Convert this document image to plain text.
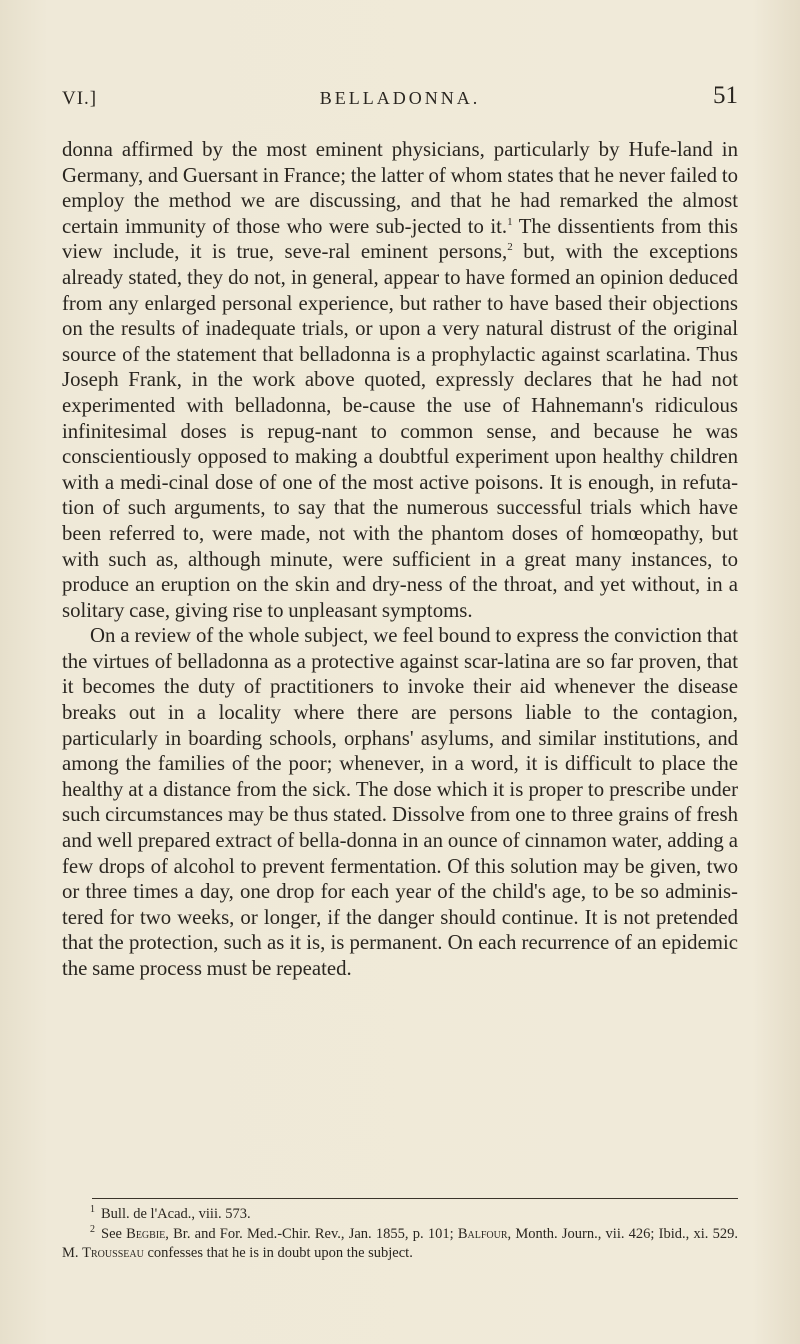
VI.]	BELLADONNA.	51

donna affirmed by the most eminent physicians, particularly by Hufe-land in Germany, and Guersant in France; the latter of whom states that he never failed to employ the method we are discussing, and that he had remarked the almost certain immunity of those who were sub-jected to it.$^1$ The dissentients from this view include, it is true, seve-ral eminent persons,$^2$ but, with the exceptions already stated, they do not, in general, appear to have formed an opinion deduced from any enlarged personal experience, but rather to have based their objections on the results of inadequate trials, or upon a very natural distrust of the original source of the statement that belladonna is a prophylactic against scarlatina. Thus Joseph Frank, in the work above quoted, expressly declares that he had not experimented with belladonna, be-cause the use of Hahnemann's ridiculous infinitesimal doses is repug-nant to common sense, and because he was conscientiously opposed to making a doubtful experiment upon healthy children with a medi-cinal dose of one of the most active poisons. It is enough, in refuta-tion of such arguments, to say that the numerous successful trials which have been referred to, were made, not with the phantom doses of homœopathy, but with such as, although minute, were sufficient in a great many instances, to produce an eruption on the skin and dry-ness of the throat, and yet without, in a solitary case, giving rise to unpleasant symptoms.

On a review of the whole subject, we feel bound to express the conviction that the virtues of belladonna as a protective against scar-latina are so far proven, that it becomes the duty of practitioners to invoke their aid whenever the disease breaks out in a locality where there are persons liable to the contagion, particularly in boarding schools, orphans' asylums, and similar institutions, and among the families of the poor; whenever, in a word, it is difficult to place the healthy at a distance from the sick. The dose which it is proper to prescribe under such circumstances may be thus stated. Dissolve from one to three grains of fresh and well prepared extract of bella-donna in an ounce of cinnamon water, adding a few drops of alcohol to prevent fermentation. Of this solution may be given, two or three times a day, one drop for each year of the child's age, to be so adminis-tered for two weeks, or longer, if the danger should continue. It is not pretended that the protection, such as it is, is permanent. On each recurrence of an epidemic the same process must be repeated.

$^1$ Bull. de l'Acad., viii. 573.

$^2$ See Begbie, Br. and For. Med.-Chir. Rev., Jan. 1855, p. 101; Balfour, Month. Journ., vii. 426; Ibid., xi. 529. M. Trousseau confesses that he is in doubt upon the subject.
